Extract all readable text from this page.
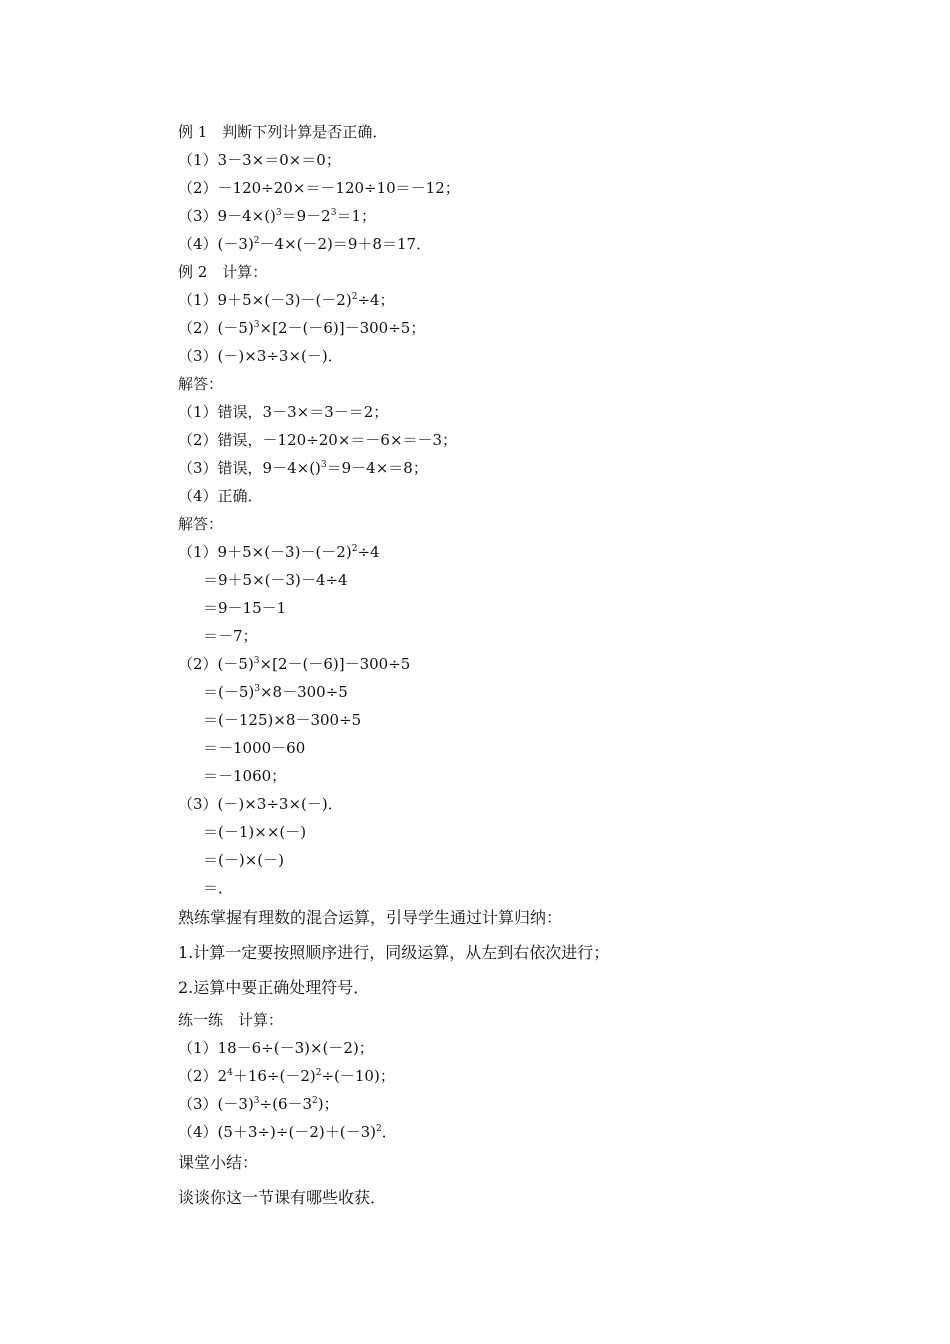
例 1　判断下列计算是否正确．
（1）3－3×＝0×＝0；
（2）－120÷20×＝－120÷10＝－12；
$(3)9-4\times()^3=9-2^3=1$；
$(4)(-3)^2-4\times(-2)=9+8=17$．
例 2　计算：
$(1)9+5\times(-3)-(-2)^2\div 4$；
$(2)(-5)^3\times[2-(-6)]-300\div 5$；
（3）(－)×3÷3×(－)．
解答：
（1）错误，3－3×＝3－＝2；
（2）错误，－120÷20×＝－6×＝－3；
（3）错误，9－4×()$^3$＝9－4×＝8；
（4）正确．
解答：
$(1)9+5\times(-3)-(-2)^2\div 4$
＝9＋5×(－3)－4÷4
＝9－15－1
＝－7；
$(2)(-5)^3\times[2-(-6)]-300\div 5$
$=(-5)^3\times 8-300\div 5$
＝(－125)×8－300÷5
＝－1000－60
＝－1060；
（3）(－)×3÷3×(－)．
＝(－1)××(－)
＝(－)×(－)
＝．
熟练掌握有理数的混合运算，引导学生通过计算归纳：
1.计算一定要按照顺序进行，同级运算，从左到右依次进行；
2.运算中要正确处理符号．
练一练　计算：
（1）18－6÷(－3)×(－2)；
$(2)2^4+16\div(-2)^2\div(-10)$；
$(3)(-3)^3\div(6-3^2)$；
$(4)(5+3\div)\div(-2)+(-3)^2$．
课堂小结：
谈谈你这一节课有哪些收获．
